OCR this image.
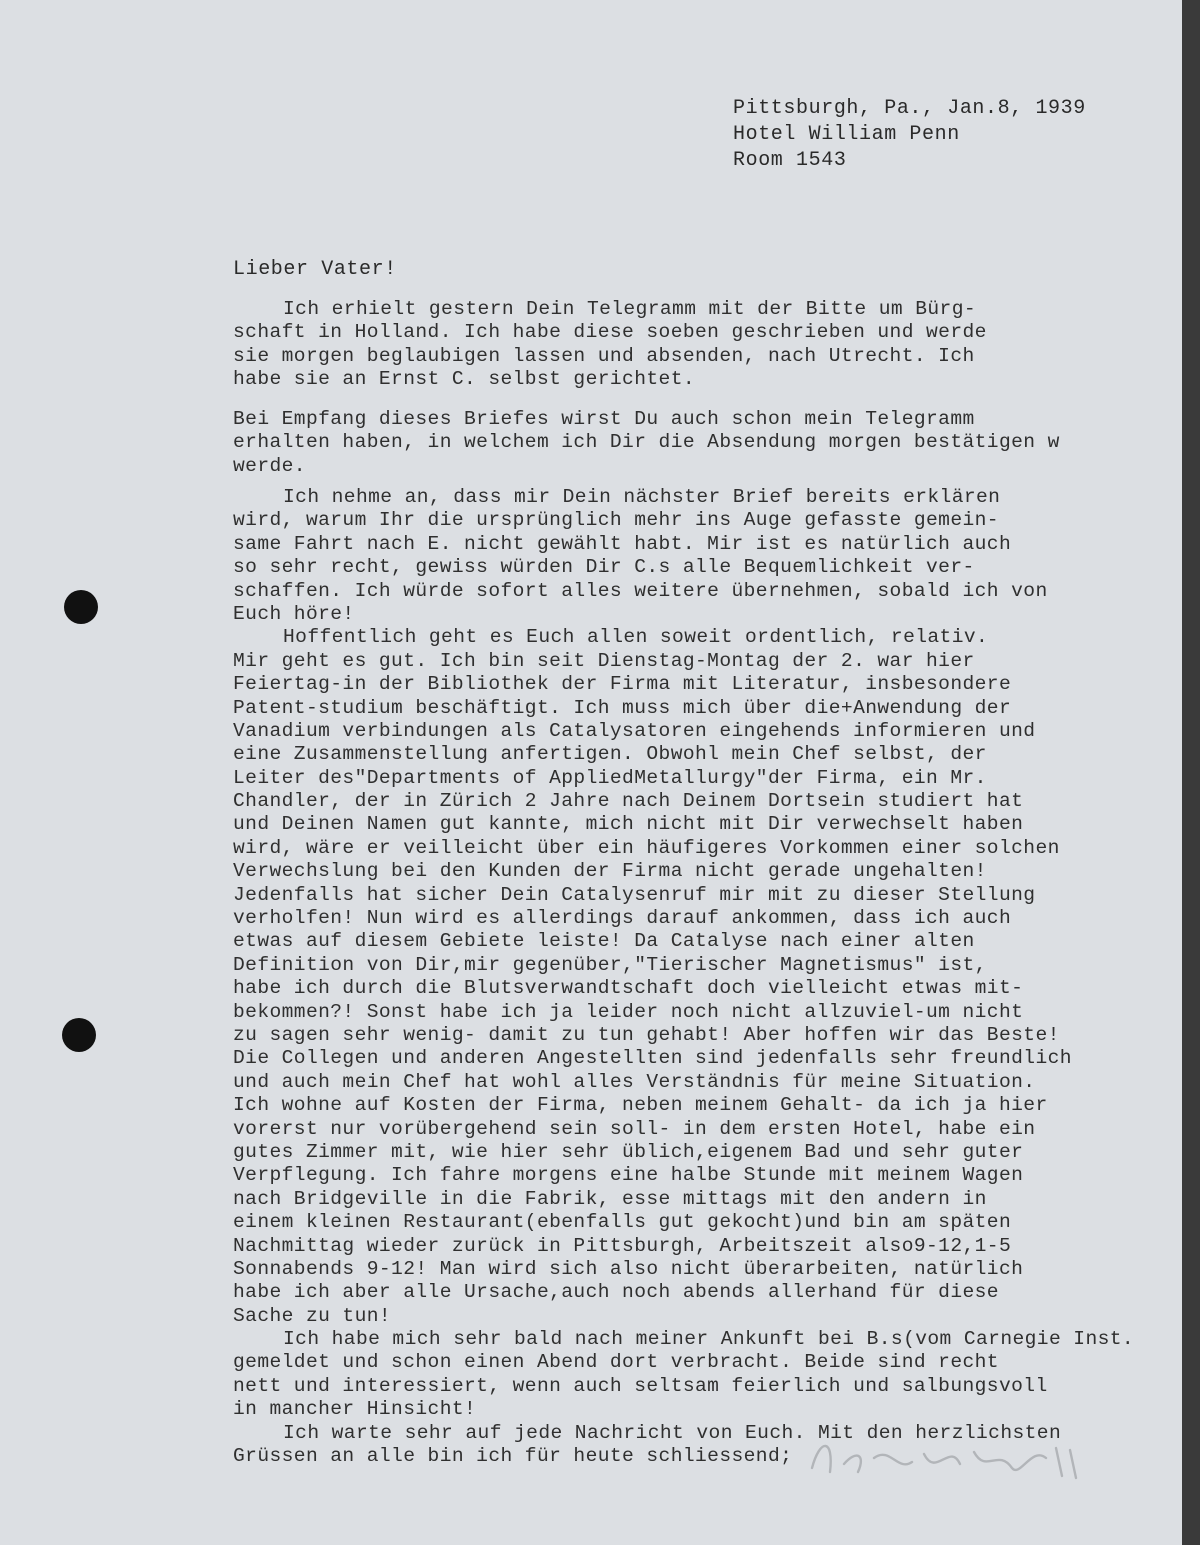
Pittsburgh, Pa., Jan.8, 1939
Hotel William Penn
Room 1543
Lieber Vater!
Ich erhielt gestern Dein Telegramm mit der Bitte um Bürg-
schaft in Holland. Ich habe diese soeben geschrieben und werde
sie morgen beglaubigen lassen und absenden, nach Utrecht. Ich
habe sie an Ernst C. selbst gerichtet.
Bei Empfang dieses Briefes wirst Du auch schon mein Telegramm
erhalten haben, in welchem ich Dir die Absendung morgen bestätigen w
werde.
Ich nehme an, dass mir Dein nächster Brief bereits erklären
wird, warum Ihr die ursprünglich mehr ins Auge gefasste gemein-
same Fahrt nach E. nicht gewählt habt. Mir ist es natürlich auch
so sehr recht, gewiss würden Dir C.s alle Bequemlichkeit ver-
schaffen. Ich würde sofort alles weitere übernehmen, sobald ich von
Euch höre!
Hoffentlich geht es Euch allen soweit ordentlich, relativ.
Mir geht es gut. Ich bin seit Dienstag-Montag der 2. war hier
Feiertag-in der Bibliothek der Firma mit Literatur, insbesondere
Patent-studium beschäftigt. Ich muss mich über die+Anwendung der
Vanadium verbindungen als Catalysatoren eingehends informieren und
eine Zusammenstellung anfertigen. Obwohl mein Chef selbst, der
Leiter des"Departments of AppliedMetallurgy"der Firma, ein Mr.
Chandler, der in Zürich 2 Jahre nach Deinem Dortsein studiert hat
und Deinen Namen gut kannte, mich nicht mit Dir verwechselt haben
wird, wäre er veilleicht über ein häufigeres Vorkommen einer solchen
Verwechslung bei den Kunden der Firma nicht gerade ungehalten!
Jedenfalls hat sicher Dein Catalysenruf mir mit zu dieser Stellung
verholfen! Nun wird es allerdings darauf ankommen, dass ich auch
etwas auf diesem Gebiete leiste! Da Catalyse nach einer alten
Definition von Dir,mir gegenüber,"Tierischer Magnetismus" ist,
habe ich durch die Blutsverwandtschaft doch vielleicht etwas mit-
bekommen?! Sonst habe ich ja leider noch nicht allzuviel-um nicht
zu sagen sehr wenig- damit zu tun gehabt! Aber hoffen wir das Beste!
Die Collegen und anderen Angestellten sind jedenfalls sehr freundlich
und auch mein Chef hat wohl alles Verständnis für meine Situation.
Ich wohne auf Kosten der Firma, neben meinem Gehalt- da ich ja hier
vorerst nur vorübergehend sein soll- in dem ersten Hotel, habe ein
gutes Zimmer mit, wie hier sehr üblich,eigenem Bad und sehr guter
Verpflegung. Ich fahre morgens eine halbe Stunde mit meinem Wagen
nach Bridgeville in die Fabrik, esse mittags mit den andern in
einem kleinen Restaurant(ebenfalls gut gekocht)und bin am späten
Nachmittag wieder zurück in Pittsburgh, Arbeitszeit also9-12,1-5
Sonnabends 9-12! Man wird sich also nicht überarbeiten, natürlich
habe ich aber alle Ursache,auch noch abends allerhand für diese
Sache zu tun!
Ich habe mich sehr bald nach meiner Ankunft bei B.s(vom Carnegie Inst.
gemeldet und schon einen Abend dort verbracht. Beide sind recht
nett und interessiert, wenn auch seltsam feierlich und salbungsvoll
in mancher Hinsicht!
Ich warte sehr auf jede Nachricht von Euch. Mit den herzlichsten
Grüssen an alle bin ich für heute schliessend;
